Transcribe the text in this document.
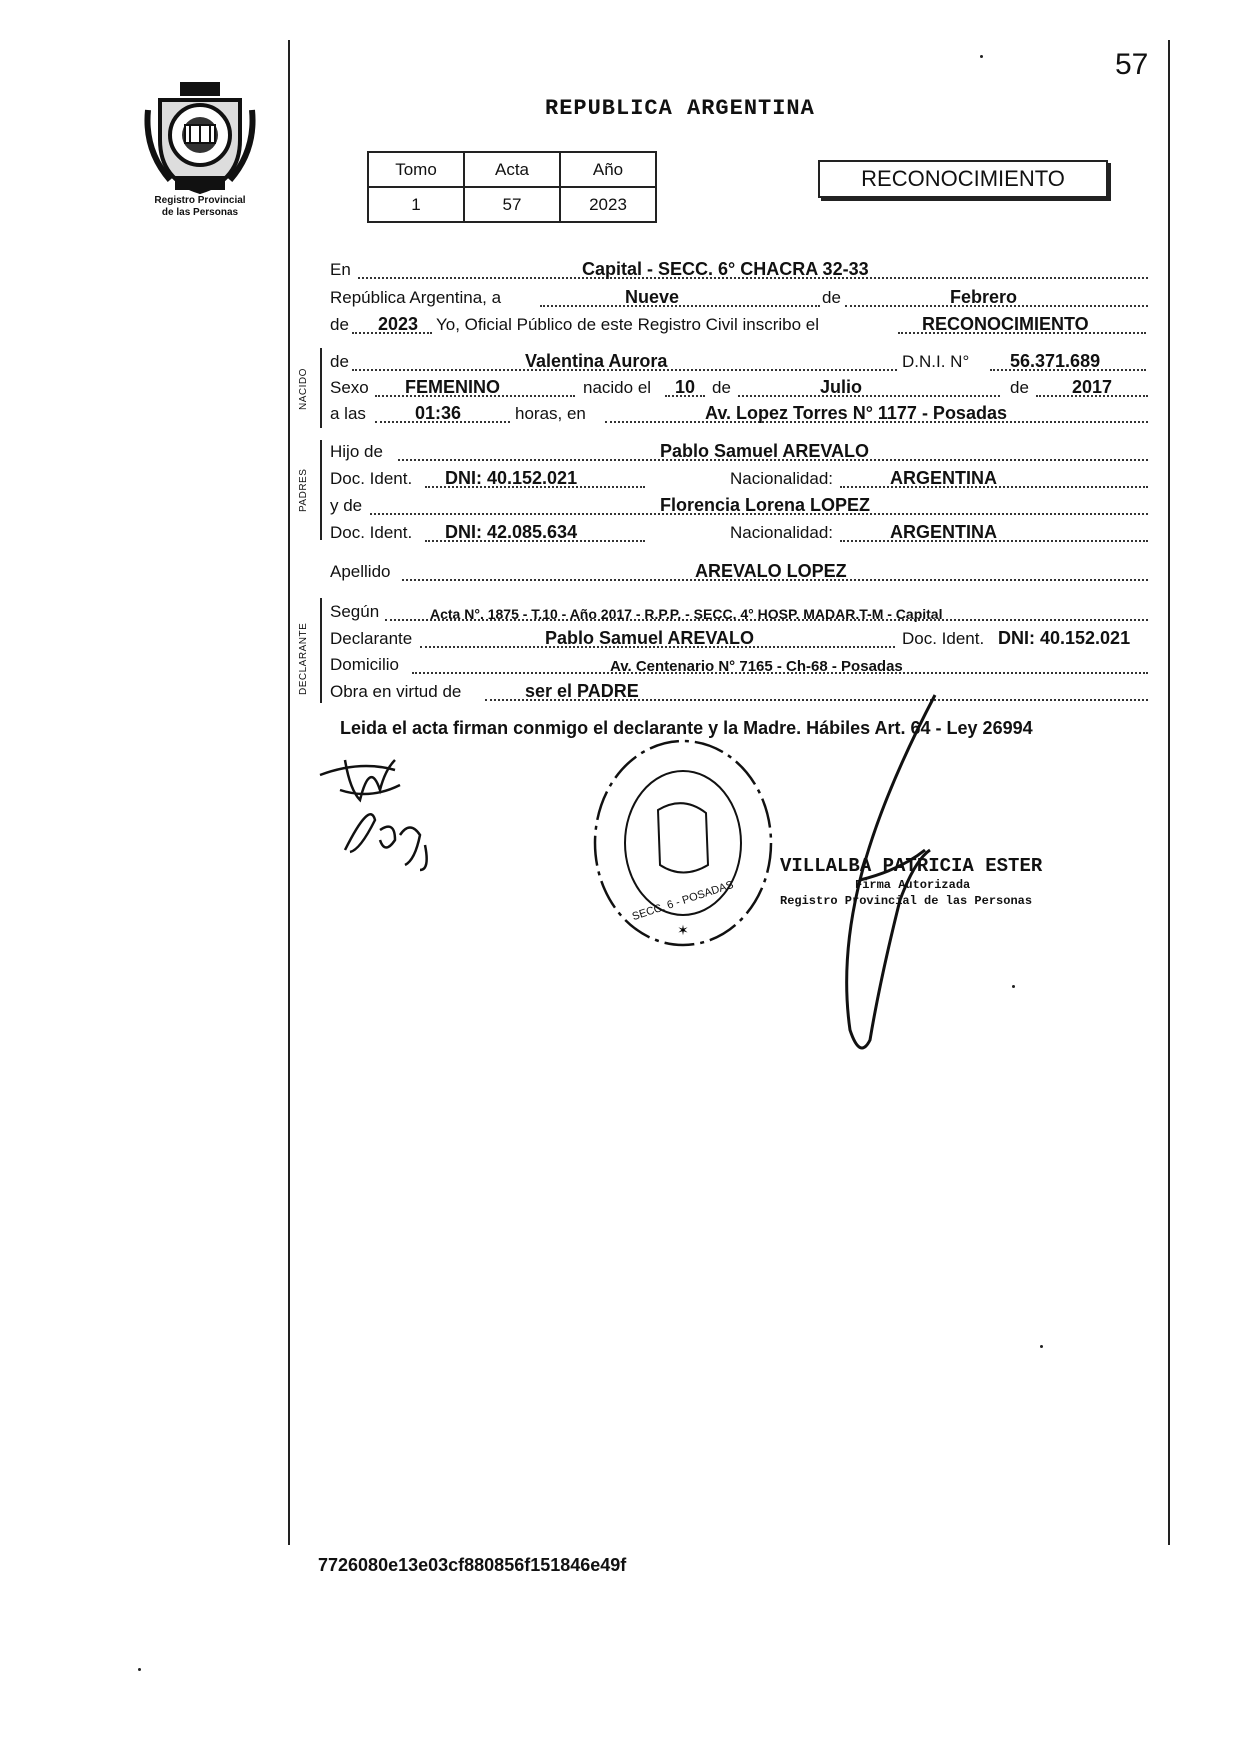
57
Registro Provincial
de las Personas
REPUBLICA ARGENTINA
Tomo	Acta	Año
1	57	2023
RECONOCIMIENTO
En	Capital - SECC. 6° CHACRA 32-33
República Argentina, a	Nueve	de	Febrero
de 2023 Yo, Oficial Público de este Registro Civil inscribo el	RECONOCIMIENTO
NACIDO
de	Valentina Aurora	D.N.I. N° 56.371.689
Sexo FEMENINO	nacido el 10 de	Julio	de 2017
a las	01:36	horas, en	Av. Lopez Torres N° 1177 - Posadas
PADRES
Hijo de	Pablo Samuel AREVALO
Doc. Ident. DNI: 40.152.021	Nacionalidad:	ARGENTINA
y de	Florencia Lorena LOPEZ
Doc. Ident. DNI: 42.085.634	Nacionalidad:	ARGENTINA
Apellido	AREVALO LOPEZ
DECLARANTE
Según	Acta N°. 1875 - T.10 - Año 2017 - R.P.P. - SECC. 4° HOSP. MADAR.T-M - Capital
Declarante	Pablo Samuel AREVALO	Doc. Ident. DNI: 40.152.021
Domicilio	Av. Centenario N° 7165 - Ch-68 - Posadas
Obra en virtud de	ser el PADRE
Leida el acta firman conmigo el declarante y la Madre. Hábiles Art. 64 - Ley 26994
✶
SECC. 6 - POSADAS
VILLALBA PATRICIA ESTER
Firma Autorizada
Registro Provincial de las Personas
7726080e13e03cf880856f151846e49f
